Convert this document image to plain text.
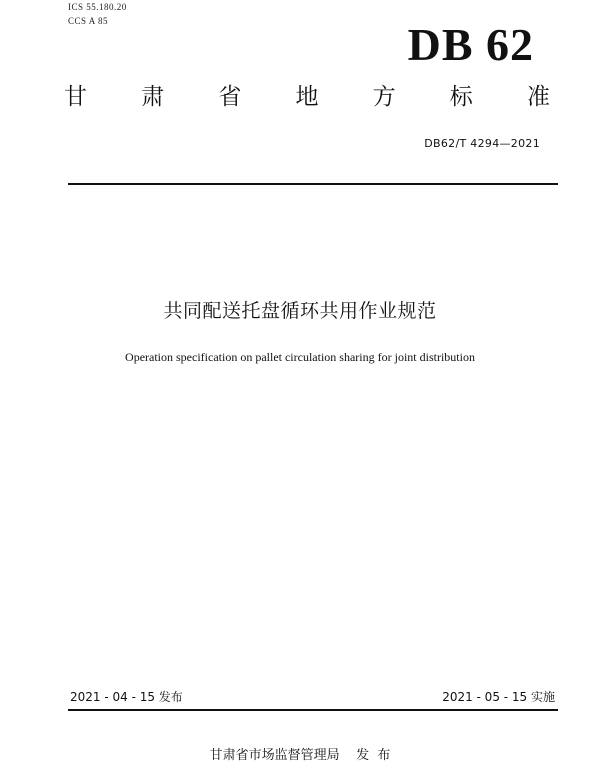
ICS 55.180.20
CCS A 85	DB 62
甘 肃 省 地 方 标 准
DB62/T 4294—2021
共同配送托盘循环共用作业规范
Operation specification on pallet circulation sharing for joint distribution
2021 - 04 - 15 发布	2021 - 05 - 15 实施
甘肃省市场监督管理局    发  布
